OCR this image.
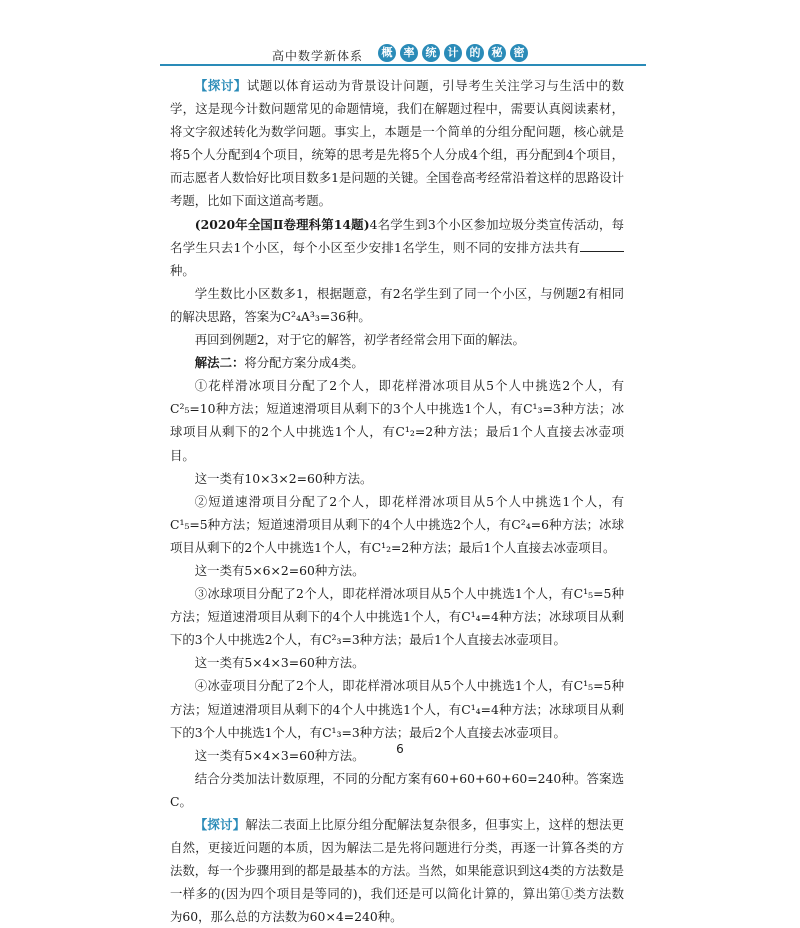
高中数学新体系	概	率	统	计	的	秘	密

【探讨】试题以体育运动为背景设计问题，引导考生关注学习与生活中的数学，这是现今计数问题常见的命题情境，我们在解题过程中，需要认真阅读素材，将文字叙述转化为数学问题。事实上，本题是一个简单的分组分配问题，核心就是将5个人分配到4个项目，统筹的思考是先将5个人分成4个组，再分配到4个项目，而志愿者人数恰好比项目数多1是问题的关键。全国卷高考经常沿着这样的思路设计考题，比如下面这道高考题。

(2020年全国Ⅱ卷理科第14题)4名学生到3个小区参加垃圾分类宣传活动，每名学生只去1个小区，每个小区至少安排1名学生，则不同的安排方法共有种。

学生数比小区数多1，根据题意，有2名学生到了同一个小区，与例题2有相同的解决思路，答案为C²₄A³₃=36种。

再回到例题2，对于它的解答，初学者经常会用下面的解法。

解法二：将分配方案分成4类。

①花样滑冰项目分配了2个人，即花样滑冰项目从5个人中挑选2个人，有C²₅=10种方法；短道速滑项目从剩下的3个人中挑选1个人，有C¹₃=3种方法；冰球项目从剩下的2个人中挑选1个人，有C¹₂=2种方法；最后1个人直接去冰壶项目。

这一类有10×3×2=60种方法。

②短道速滑项目分配了2个人，即花样滑冰项目从5个人中挑选1个人，有C¹₅=5种方法；短道速滑项目从剩下的4个人中挑选2个人，有C²₄=6种方法；冰球项目从剩下的2个人中挑选1个人，有C¹₂=2种方法；最后1个人直接去冰壶项目。

这一类有5×6×2=60种方法。

③冰球项目分配了2个人，即花样滑冰项目从5个人中挑选1个人，有C¹₅=5种方法；短道速滑项目从剩下的4个人中挑选1个人，有C¹₄=4种方法；冰球项目从剩下的3个人中挑选2个人，有C²₃=3种方法；最后1个人直接去冰壶项目。

这一类有5×4×3=60种方法。

④冰壶项目分配了2个人，即花样滑冰项目从5个人中挑选1个人，有C¹₅=5种方法；短道速滑项目从剩下的4个人中挑选1个人，有C¹₄=4种方法；冰球项目从剩下的3个人中挑选1个人，有C¹₃=3种方法；最后2个人直接去冰壶项目。

这一类有5×4×3=60种方法。

结合分类加法计数原理，不同的分配方案有60+60+60+60=240种。答案选C。

【探讨】解法二表面上比原分组分配解法复杂很多，但事实上，这样的想法更自然，更接近问题的本质，因为解法二是先将问题进行分类，再逐一计算各类的方法数，每一个步骤用到的都是最基本的方法。当然，如果能意识到这4类的方法数是一样多的(因为四个项目是等同的)，我们还是可以简化计算的，算出第①类方法数为60，那么总的方法数为60×4=240种。

6
